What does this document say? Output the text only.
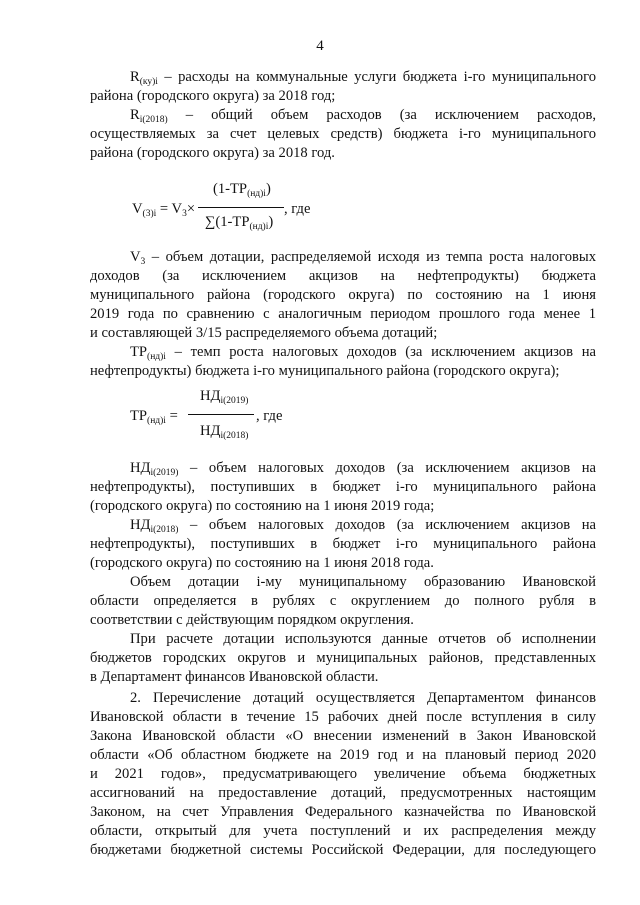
4
$R_{(ку)i}$ – расходы на коммунальные услуги бюджета i-го муниципального
района (городского округа) за 2018 год;
$R_{i(2018)}$ – общий объем расходов (за исключением расходов,
осуществляемых за счет целевых средств) бюджета i-го муниципального
района (городского округа) за 2018 год.
$V_{(3)i} = V_3\times$
$(1-ТР_{(нд)i})$
$\sum(1-ТР_{(нд)i})$
, где
$V_3$ – объем дотации, распределяемой исходя из темпа роста налоговых
доходов (за исключением акцизов на нефтепродукты) бюджета
муниципального района (городского округа) по состоянию на 1 июня
2019 года по сравнению с аналогичным периодом прошлого года менее 1
и составляющей 3/15 распределяемого объема дотаций;
$ТР_{(нд)i}$ – темп роста налоговых доходов (за исключением акцизов на
нефтепродукты) бюджета i-го муниципального района (городского округа);
$ТР_{(нд)i}$ =
$НД_{i(2019)}$
$НД_{i(2018)}$
, где
$НД_{i(2019)}$ – объем налоговых доходов (за исключением акцизов на
нефтепродукты), поступивших в бюджет i-го муниципального района
(городского округа) по состоянию на 1 июня 2019 года;
$НД_{i(2018)}$ – объем налоговых доходов (за исключением акцизов на
нефтепродукты), поступивших в бюджет i-го муниципального района
(городского округа) по состоянию на 1 июня 2018 года.
Объем дотации i-му муниципальному образованию Ивановской
области определяется в рублях с округлением до полного рубля в
соответствии с действующим порядком округления.
При расчете дотации используются данные отчетов об исполнении
бюджетов городских округов и муниципальных районов, представленных
в Департамент финансов Ивановской области.
2. Перечисление дотаций осуществляется Департаментом финансов
Ивановской области в течение 15 рабочих дней после вступления в силу
Закона Ивановской области «О внесении изменений в Закон Ивановской
области «Об областном бюджете на 2019 год и на плановый период 2020
и 2021 годов», предусматривающего увеличение объема бюджетных
ассигнований на предоставление дотаций, предусмотренных настоящим
Законом, на счет Управления Федерального казначейства по Ивановской
области, открытый для учета поступлений и их распределения между
бюджетами бюджетной системы Российской Федерации, для последующего
